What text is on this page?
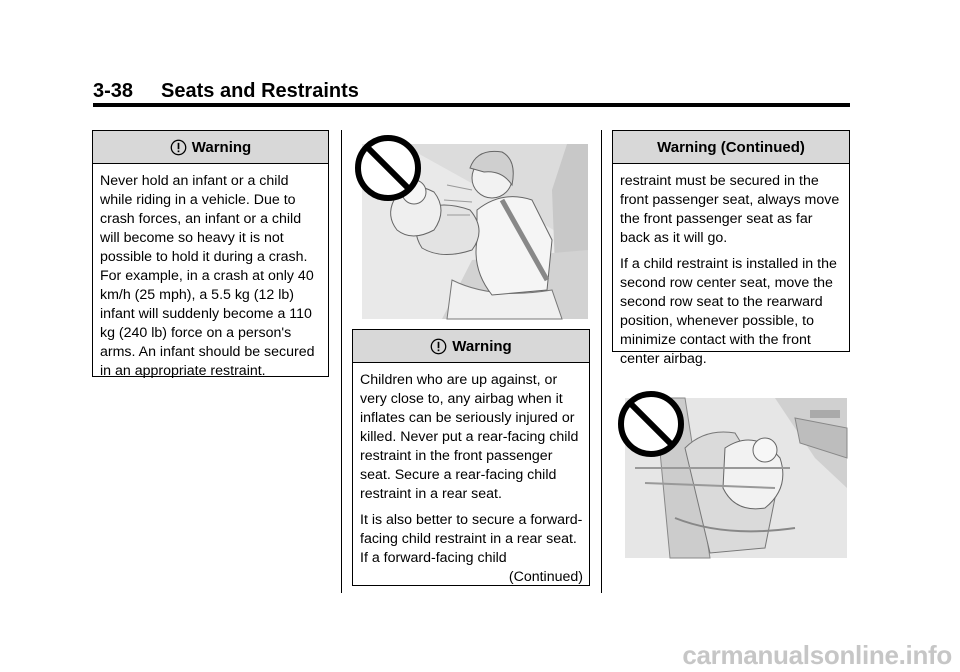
3-38 Seats and Restraints
Warning

Never hold an infant or a child while riding in a vehicle. Due to crash forces, an infant or a child will become so heavy it is not possible to hold it during a crash. For example, in a crash at only 40 km/h (25 mph), a 5.5 kg (12 lb) infant will suddenly become a 110 kg (240 lb) force on a person's arms. An infant should be secured in an appropriate restraint.

Warning

Children who are up against, or very close to, any airbag when it inflates can be seriously injured or killed. Never put a rear-facing child restraint in the front passenger seat. Secure a rear-facing child restraint in a rear seat.

It is also better to secure a forward-facing child restraint in a rear seat. If a forward-facing child

(Continued)
Warning (Continued)

restraint must be secured in the front passenger seat, always move the front passenger seat as far back as it will go.

If a child restraint is installed in the second row center seat, move the second row seat to the rearward position, whenever possible, to minimize contact with the front center airbag.

carmanualsonline.info
